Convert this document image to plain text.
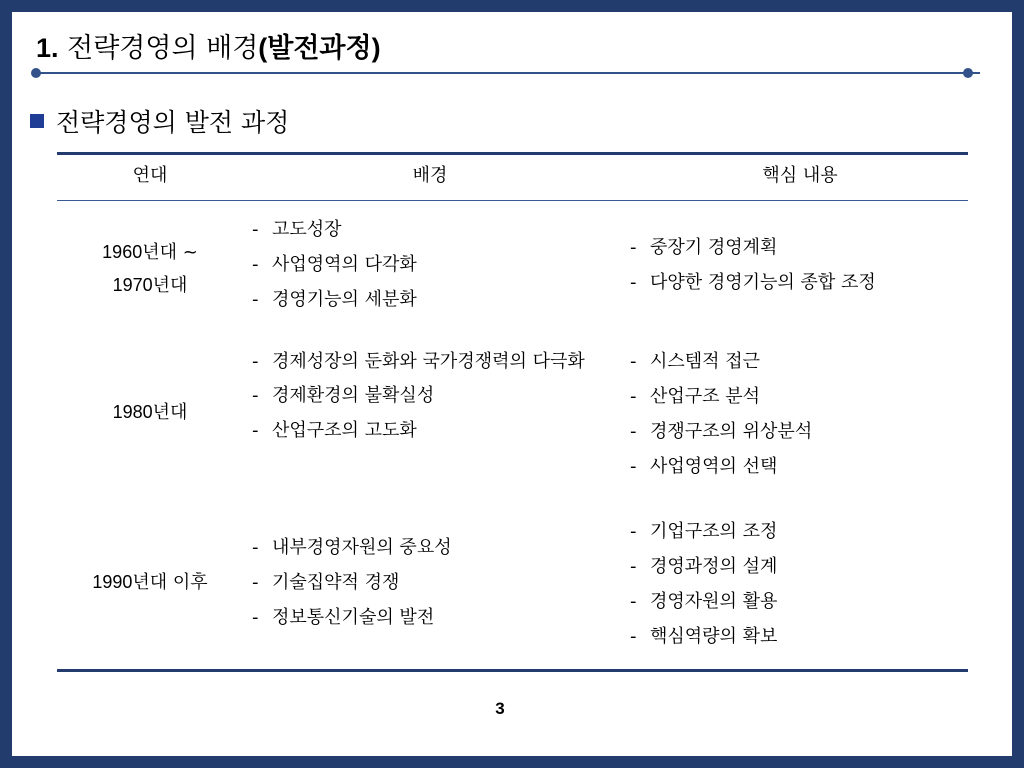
1. 전략경영의 배경(발전과정)
전략경영의 발전 과정
연대	배경	핵심 내용
1960년대 ~
1970년대
- 고도성장
- 사업영역의 다각화
- 경영기능의 세분화
- 중장기 경영계획
- 다양한 경영기능의 종합 조정
1980년대
- 경제성장의 둔화와 국가경쟁력의 다극화
- 경제환경의 불확실성
- 산업구조의 고도화
- 시스템적 접근
- 산업구조 분석
- 경쟁구조의 위상분석
- 사업영역의 선택
1990년대 이후
- 내부경영자원의 중요성
- 기술집약적 경쟁
- 정보통신기술의 발전
- 기업구조의 조정
- 경영과정의 설계
- 경영자원의 활용
- 핵심역량의 확보
3
